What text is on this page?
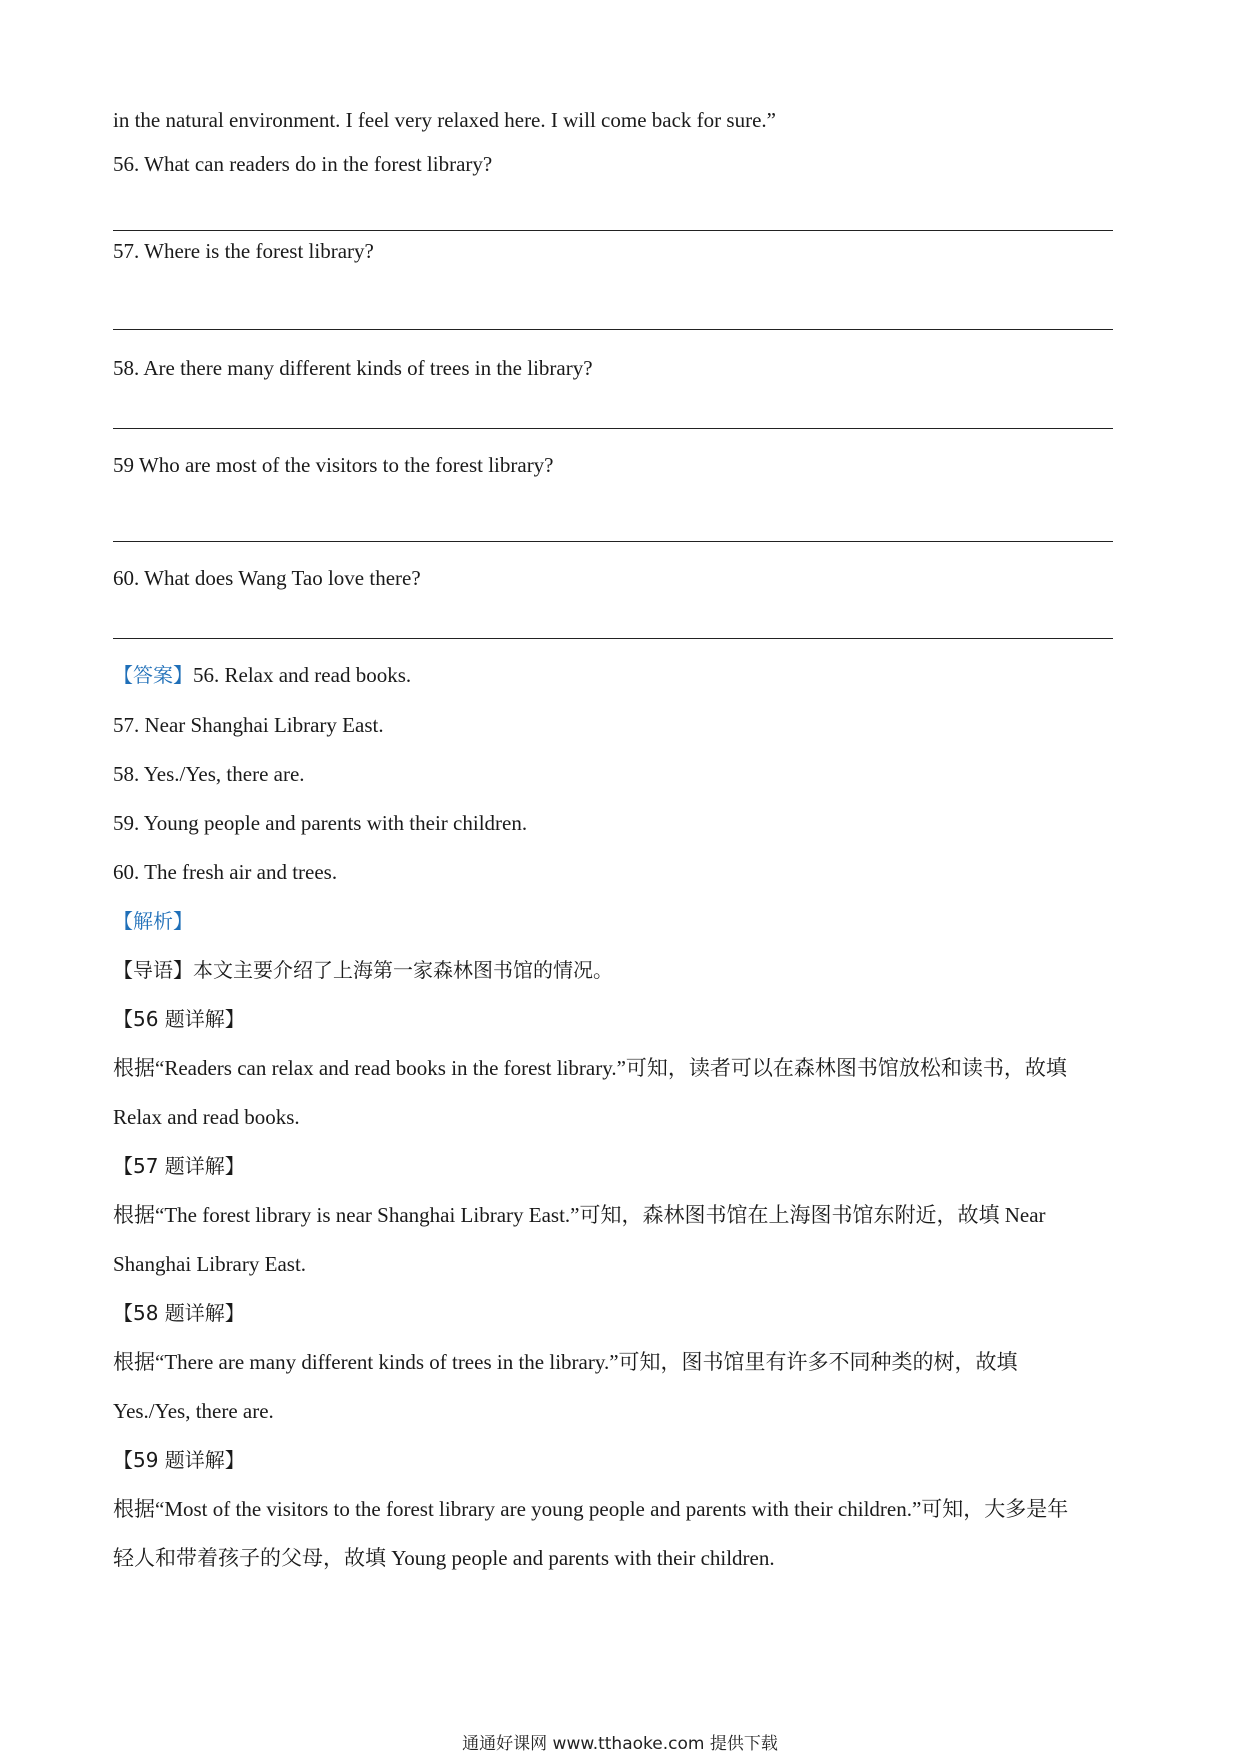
in the natural environment. I feel very relaxed here. I will come back for sure.”
56. What can readers do in the forest library?
57. Where is the forest library?
58. Are there many different kinds of trees in the library?
59 Who are most of the visitors to the forest library?
60. What does Wang Tao love there?
【答案】56. Relax and read books.
57. Near Shanghai Library East.
58. Yes./Yes, there are.
59. Young people and parents with their children.
60. The fresh air and trees.
【解析】
【导语】本文主要介绍了上海第一家森林图书馆的情况。
【56 题详解】
根据“Readers can relax and read books in the forest library.”可知，读者可以在森林图书馆放松和读书，故填
Relax and read books.
【57 题详解】
根据“The forest library is near Shanghai Library East.”可知，森林图书馆在上海图书馆东附近，故填 Near
Shanghai Library East.
【58 题详解】
根据“There are many different kinds of trees in the library.”可知，图书馆里有许多不同种类的树，故填
Yes./Yes, there are.
【59 题详解】
根据“Most of the visitors to the forest library are young people and parents with their children.”可知，大多是年
轻人和带着孩子的父母，故填 Young people and parents with their children.
通通好课网 www.tthaoke.com 提供下载
